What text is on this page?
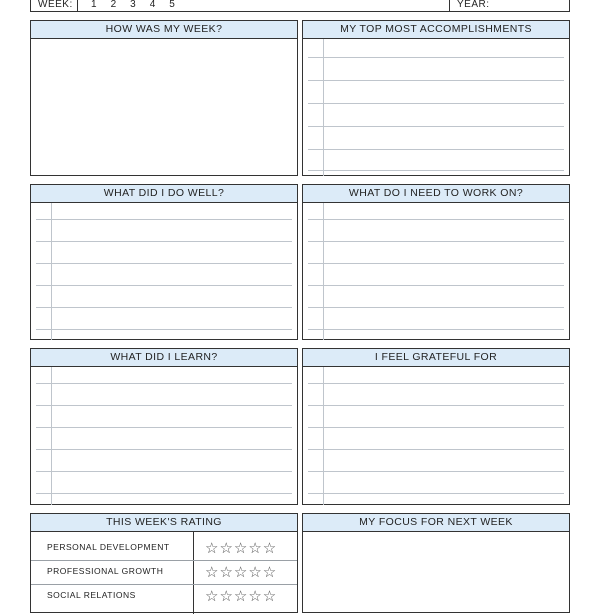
WEEK: 1 2 3 4 5	YEAR:
HOW WAS MY WEEK?	MY TOP MOST ACCOMPLISHMENTS
WHAT DID I DO WELL?	WHAT DO I NEED TO WORK ON?
WHAT DID I LEARN?	I FEEL GRATEFUL FOR
THIS WEEK'S RATING
PERSONAL DEVELOPMENT ☆☆☆☆☆
PROFESSIONAL GROWTH	☆☆☆☆☆
SOCIAL RELATIONS	☆☆☆☆☆
MY FOCUS FOR NEXT WEEK
